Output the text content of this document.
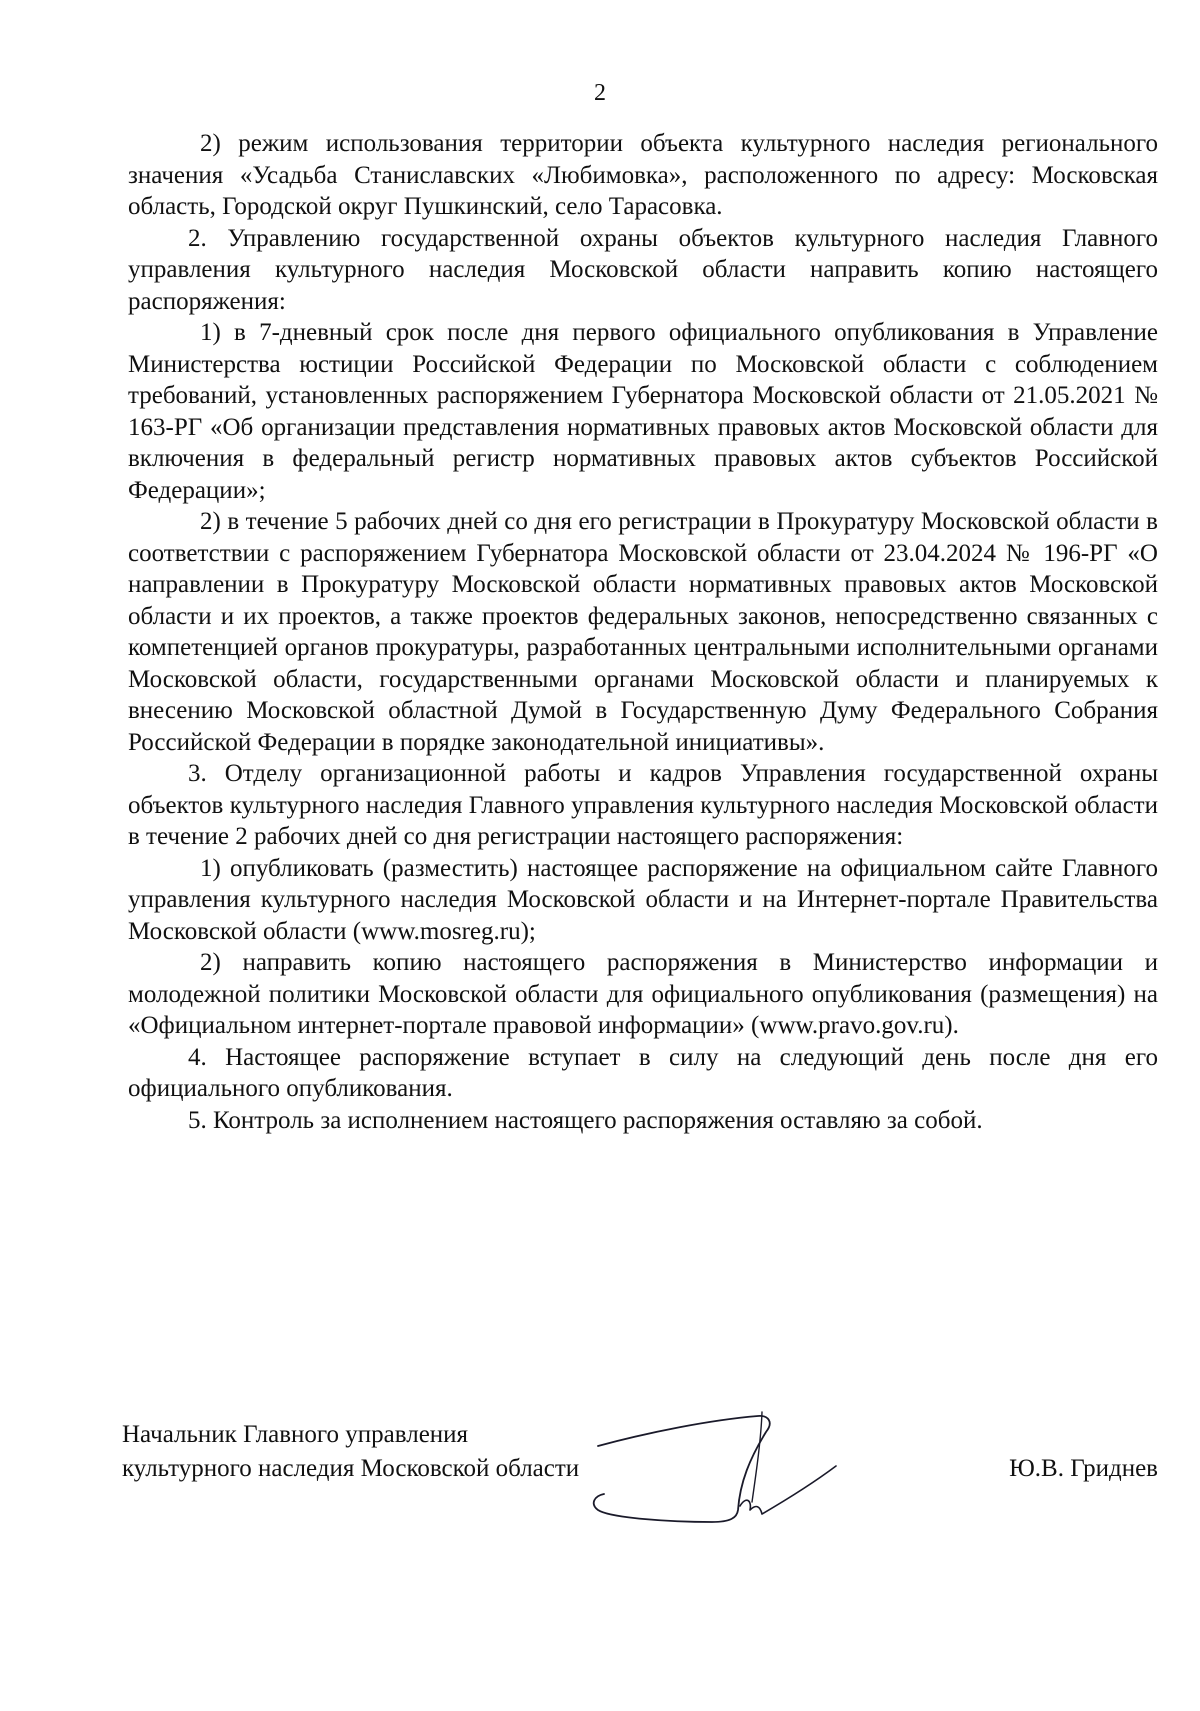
2

2) режим использования территории объекта культурного наследия регионального значения «Усадьба Станиславских «Любимовка», расположенного по адресу: Московская область, Городской округ Пушкинский, село Тарасовка.

2. Управлению государственной охраны объектов культурного наследия Главного управления культурного наследия Московской области направить копию настоящего распоряжения:

1) в 7-дневный срок после дня первого официального опубликования в Управление Министерства юстиции Российской Федерации по Московской области с соблюдением требований, установленных распоряжением Губернатора Московской области от 21.05.2021 № 163-РГ «Об организации представления нормативных правовых актов Московской области для включения в федеральный регистр нормативных правовых актов субъектов Российской Федерации»;

2) в течение 5 рабочих дней со дня его регистрации в Прокуратуру Московской области в соответствии с распоряжением Губернатора Московской области от 23.04.2024 № 196-РГ «О направлении в Прокуратуру Московской области нормативных правовых актов Московской области и их проектов, а также проектов федеральных законов, непосредственно связанных с компетенцией органов прокуратуры, разработанных центральными исполнительными органами Московской области, государственными органами Московской области и планируемых к внесению Московской областной Думой в Государственную Думу Федерального Собрания Российской Федерации в порядке законодательной инициативы».

3. Отделу организационной работы и кадров Управления государственной охраны объектов культурного наследия Главного управления культурного наследия Московской области в течение 2 рабочих дней со дня регистрации настоящего распоряжения:

1) опубликовать (разместить) настоящее распоряжение на официальном сайте Главного управления культурного наследия Московской области и на Интернет-портале Правительства Московской области (www.mosreg.ru);

2) направить копию настоящего распоряжения в Министерство информации и молодежной политики Московской области для официального опубликования (размещения) на «Официальном интернет-портале правовой информации» (www.pravo.gov.ru).

4. Настоящее распоряжение вступает в силу на следующий день после дня его официального опубликования.

5. Контроль за исполнением настоящего распоряжения оставляю за собой.

Начальник Главного управления
культурного наследия Московской области	Ю.В. Гриднев
